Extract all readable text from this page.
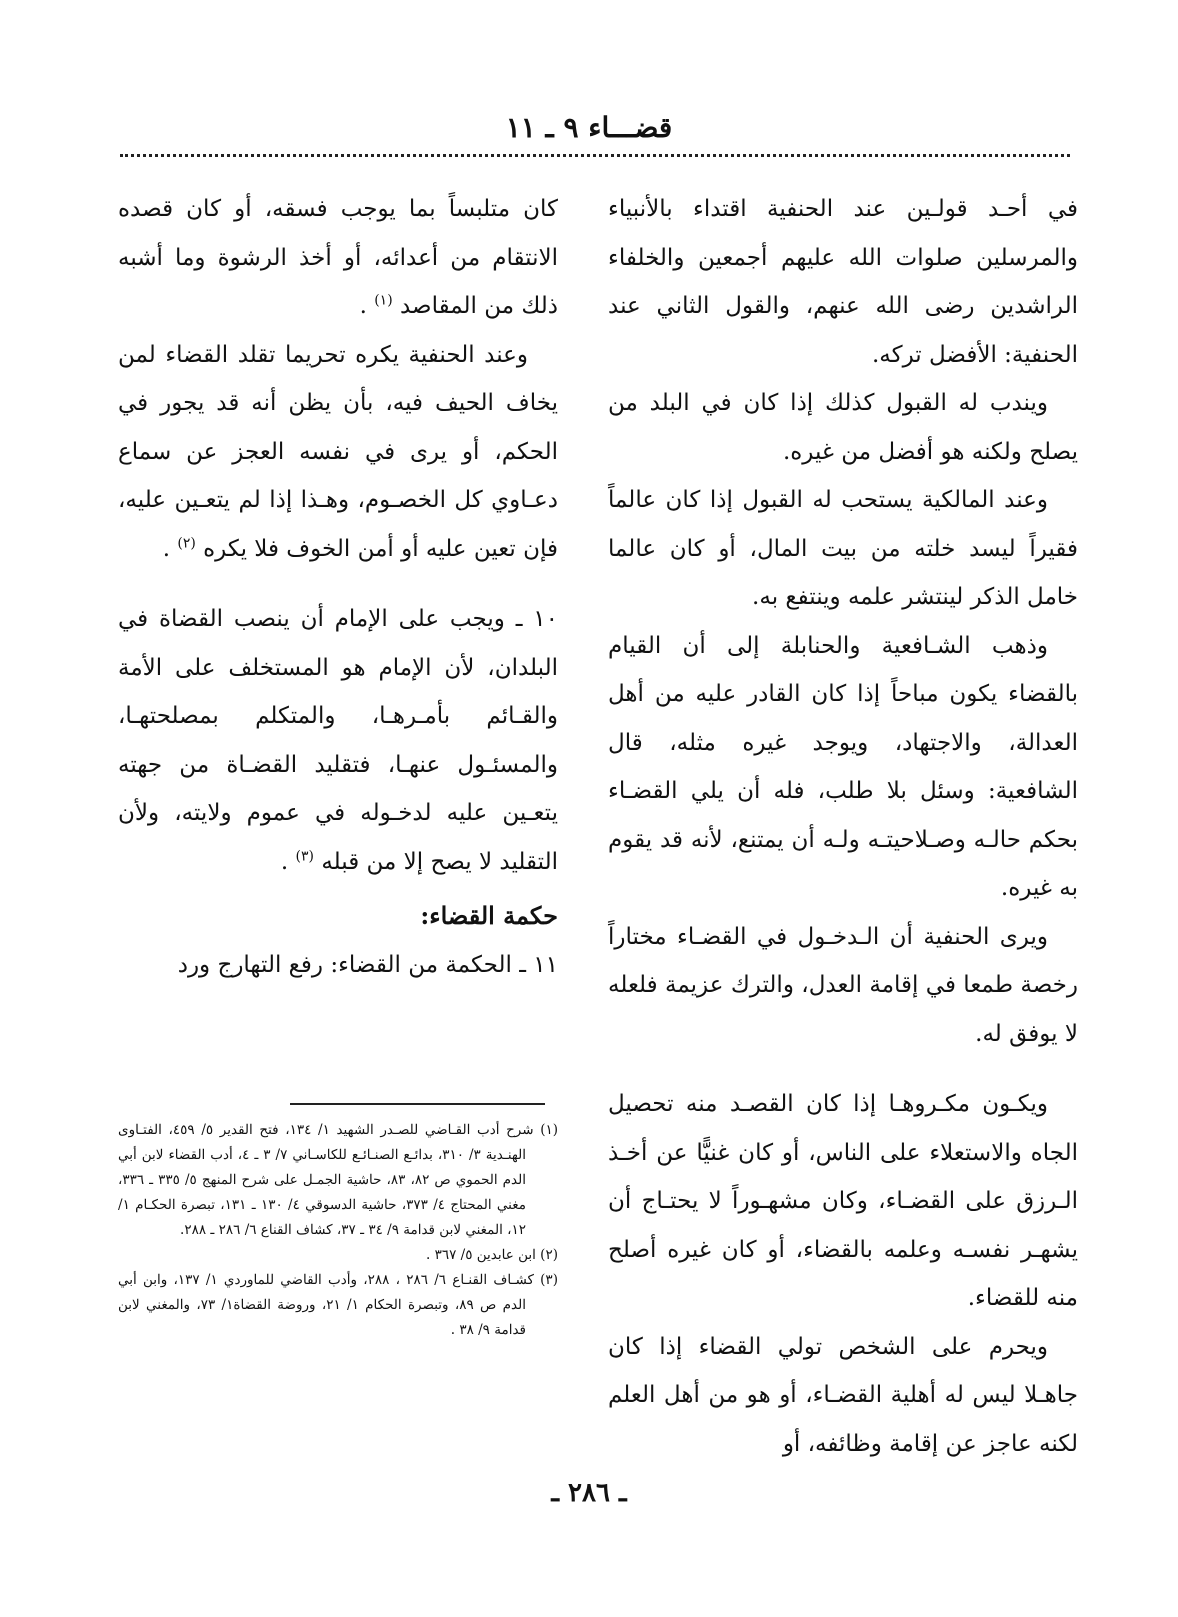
قضـــاء ٩ ـ ١١

في أحـد قولـين عند الحنفية اقتداء بالأنبياء والمرسلين صلوات الله عليهم أجمعين والخلفاء الراشدين رضى الله عنهم، والقول الثاني عند الحنفية: الأفضل تركه.

ويندب له القبول كذلك إذا كان في البلد من يصلح ولكنه هو أفضل من غيره.

وعند المالكية يستحب له القبول إذا كان عالماً فقيراً ليسد خلته من بيت المال، أو كان عالما خامل الذكر لينتشر علمه وينتفع به.

وذهب الشـافعية والحنابلة إلى أن القيام بالقضاء يكون مباحاً إذا كان القادر عليه من أهل العدالة، والاجتهاد، ويوجد غيره مثله، قال الشافعية: وسئل بلا طلب، فله أن يلي القضـاء بحكم حالـه وصـلاحيتـه ولـه أن يمتنع، لأنه قد يقوم به غيره.

ويرى الحنفية أن الـدخـول في القضـاء مختاراً رخصة طمعا في إقامة العدل، والترك عزيمة فلعله لا يوفق له.

ويكـون مكـروهـا إذا كان القصـد منه تحصيل الجاه والاستعلاء على الناس، أو كان غنيًّا عن أخـذ الـرزق على القضـاء، وكان مشهـوراً لا يحتـاج أن يشهـر نفسـه وعلمه بالقضاء، أو كان غيره أصلح منه للقضاء.

ويحرم على الشخص تولي القضاء إذا كان جاهـلا ليس له أهلية القضـاء، أو هو من أهل العلم لكنه عاجز عن إقامة وظائفه، أو

كان متلبساً بما يوجب فسقه، أو كان قصده الانتقام من أعدائه، أو أخذ الرشوة وما أشبه ذلك من المقاصد $^{(١)}$ .

وعند الحنفية يكره تحريما تقلد القضاء لمن يخاف الحيف فيه، بأن يظن أنه قد يجور في الحكم، أو يرى في نفسه العجز عن سماع دعـاوي كل الخصـوم، وهـذا إذا لم يتعـين عليه، فإن تعين عليه أو أمن الخوف فلا يكره $^{(٢)}$ .

١٠ ـ ويجب على الإمام أن ينصب القضاة في البلدان، لأن الإمام هو المستخلف على الأمة والقـائم بأمـرهـا، والمتكلم بمصلحتهـا، والمسئـول عنهـا، فتقليد القضـاة من جهته يتعـين عليه لدخـوله في عموم ولايته، ولأن التقليد لا يصح إلا من قبله $^{(٣)}$ .

حكمة القضاء:

١١ ـ الحكمة من القضاء: رفع التهارج ورد

(١) شرح أدب القـاضي للصـدر الشهيد ١/ ١٣٤، فتح القدير ٥/ ٤٥٩، الفتـاوى الهنـدية ٣/ ٣١٠، بدائـع الصنـائـع للكاسـاني ٧/ ٣ ـ ٤، أدب القضاء لابن أبي الدم الحموي ص ٨٢، ٨٣، حاشية الجمـل على شرح المنهج ٥/ ٣٣٥ ـ ٣٣٦، مغني المحتاج ٤/ ٣٧٣، حاشية الدسوقي ٤/ ١٣٠ ـ ١٣١، تبصرة الحكـام ١/ ١٢، المغني لابن قدامة ٩/ ٣٤ ـ ٣٧، كشاف القناع ٦/ ٢٨٦ ـ ٢٨٨.

(٢) ابن عابدين ٥/ ٣٦٧ .

(٣) كشـاف القنـاع ٦/ ٢٨٦ ، ٢٨٨، وأدب القاضي للماوردي ١/ ١٣٧، وابن أبي الدم ص ٨٩، وتبصرة الحكام ١/ ٢١، وروضة القضاة١/ ٧٣، والمغني لابن قدامة ٩/ ٣٨ .

ـ ٢٨٦ ـ
